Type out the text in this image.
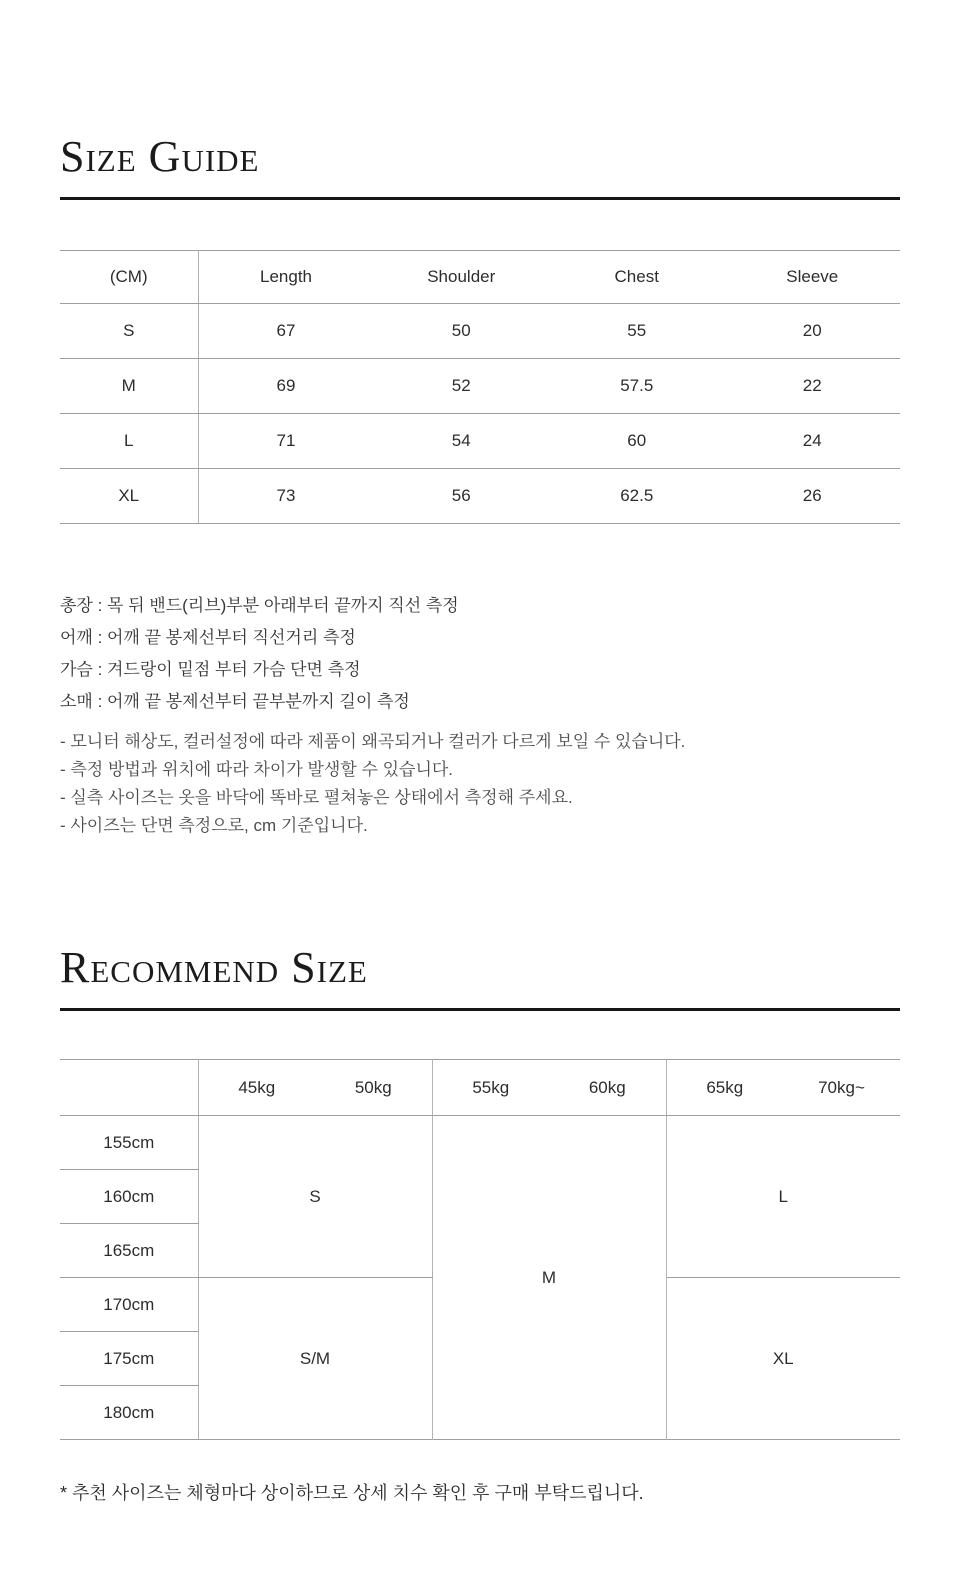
Size Guide
(CM)	Length	Shoulder	Chest	Sleeve
S	67	50	55	20
M	69	52	57.5	22
L	71	54	60	24
XL	73	56	62.5	26

총장 : 목 뒤 밴드(리브)부분 아래부터 끝까지 직선 측정

어깨 : 어깨 끝 봉제선부터 직선거리 측정

가슴 : 겨드랑이 밑점 부터 가슴 단면 측정

소매 : 어깨 끝 봉제선부터 끝부분까지 길이 측정

- 모니터 해상도, 컬러설정에 따라 제품이 왜곡되거나 컬러가 다르게 보일 수 있습니다.

- 측정 방법과 위치에 따라 차이가 발생할 수 있습니다.

- 실측 사이즈는 옷을 바닥에 똑바로 펼쳐놓은 상태에서 측정해 주세요.

- 사이즈는 단면 측정으로, cm 기준입니다.

Recommend Size
	45kg	50kg	55kg	60kg	65kg	70kg~
155cm	S		M		L	
160cm						
165cm						
170cm	S/M				XL	
175cm						
180cm						

* 추천 사이즈는 체형마다 상이하므로 상세 치수 확인 후 구매 부탁드립니다.
